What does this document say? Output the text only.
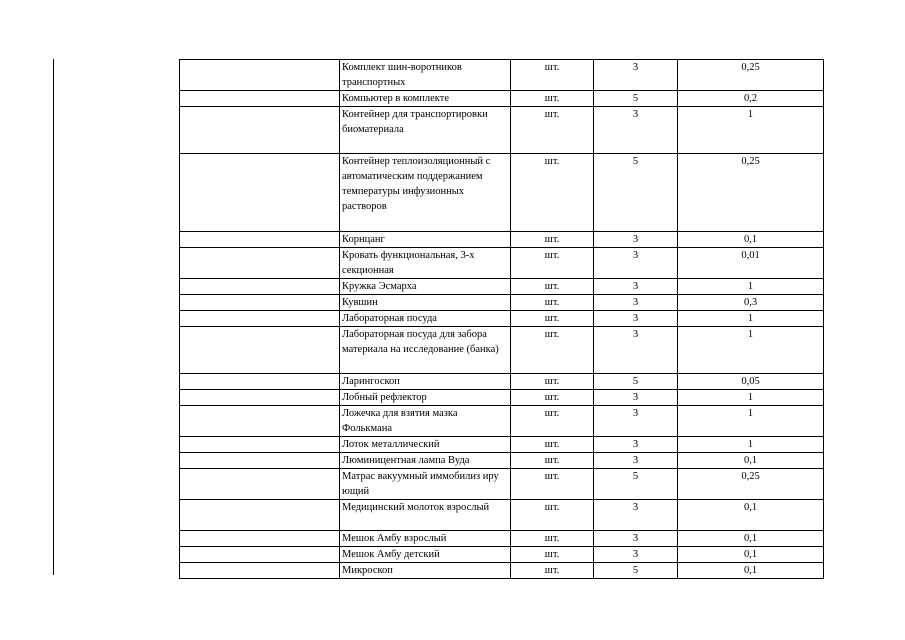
	Комплект шин-воротников транспортных	шт.	3	0,25
	Компьютер в комплекте	шт.	5	0,2
	Контейнер для транспортировки биоматериала	шт.	3	1
	Контейнер теплоизоляционный с автоматическим поддержанием температуры инфузионных растворов	шт.	5	0,25
	Корнцанг	шт.	3	0,1
	Кровать функциональная, 3-х секционная	шт.	3	0,01
	Кружка Эсмарха	шт.	3	1
	Кувшин	шт.	3	0,3
	Лабораторная посуда	шт.	3	1
	Лабораторная посуда для забора материала на исследование (банка)	шт.	3	1
	Ларингоскоп	шт.	5	0,05
	Лобный рефлектор	шт.	3	1
	Ложечка для взятия мазка Фолькмана	шт.	3	1
	Лоток металлический	шт.	3	1
	Люминицентная лампа Вуда	шт.	3	0,1
	Матрас вакуумный иммобилиз иру ющий	шт.	5	0,25
	Медицинский молоток взрослый	шт.	3	0,1
	Мешок Амбу взрослый	шт.	3	0,1
	Мешок Амбу детский	шт.	3	0,1
	Микроскоп	шт.	5	0,1
